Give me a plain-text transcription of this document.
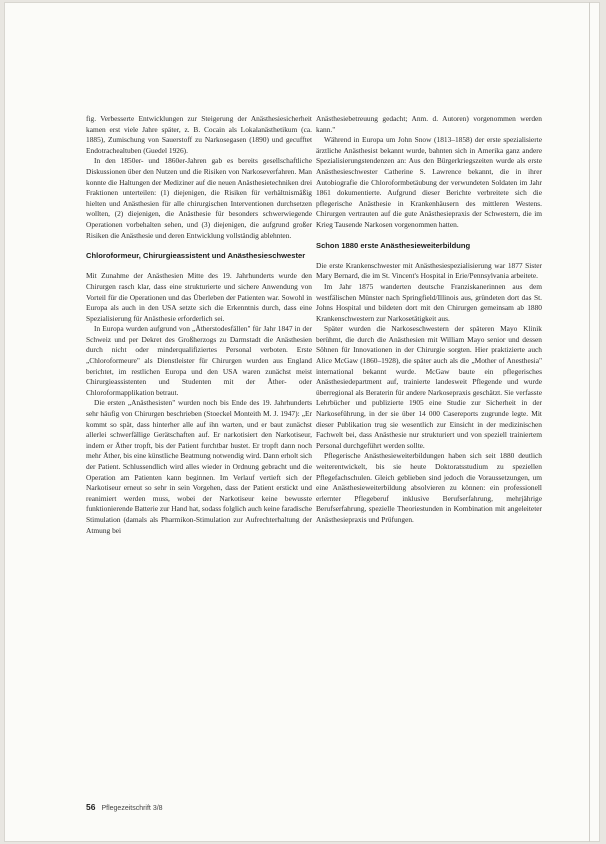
fig. Verbesserte Entwicklungen zur Steigerung der Anästhesiesicherheit kamen erst viele Jahre später, z. B. Cocain als Lokalanästhetikum (ca. 1885), Zumischung von Sauerstoff zu Narkosegasen (1890) und gecufftet Endotrachealtuben (Guedel 1926).

In den 1850er- und 1860er-Jahren gab es bereits gesellschaftliche Diskussionen über den Nutzen und die Risiken von Narkoseverfahren. Man konnte die Haltungen der Mediziner auf die neuen Anästhesietechniken drei Fraktionen unterteilen: (1) diejenigen, die Risiken für verhältnismäßig hielten und Anästhesien für alle chirurgischen Interventionen durchsetzen wollten, (2) diejenigen, die Anästhesie für besonders schwerwiegende Operationen vorbehalten sehen, und (3) diejenigen, die aufgrund großer Risiken die Anästhesie und deren Entwicklung vollständig ablehnten.

Chloroformeur, Chirurgieassistent und Anästhesieschwester

Mit Zunahme der Anästhesien Mitte des 19. Jahrhunderts wurde den Chirurgen rasch klar, dass eine strukturierte und sichere Anwendung von Vorteil für die Operationen und das Überleben der Patienten war. Sowohl in Europa als auch in den USA setzte sich die Erkenntnis durch, dass eine Spezialisierung für Anästhesie erforderlich sei.

In Europa wurden aufgrund von „Ätherstodesfällen" für Jahr 1847 in der Schweiz und per Dekret des Großherzogs zu Darmstadt die Anästhesien durch nicht oder minderqualifiziertes Personal verboten. Erste „Chloroformeure" als Dienstleister für Chirurgen wurden aus England berichtet, im restlichen Europa und den USA waren zunächst meist Chirurgieassistenten und Studenten mit der Äther- oder Chloroformapplikation betraut.

Die ersten „Anästhesisten" wurden noch bis Ende des 19. Jahrhunderts sehr häufig von Chirurgen beschrieben (Stoeckel Monteith M. J. 1947): „Er kommt so spät, dass hinterher alle auf ihn warten, und er baut zunächst allerlei schwerfällige Gerätschaften auf. Er narkotisiert den Narkotiseur, indem er Äther tropft, bis der Patient furchtbar hustet. Er tropft dann noch mehr Äther, bis eine künstliche Beatmung notwendig wird. Dann erholt sich der Patient. Schlussendlich wird alles wieder in Ordnung gebracht und die Operation am Patienten kann beginnen. Im Verlauf vertieft sich der Narkotiseur erneut so sehr in sein Vorgehen, dass der Patient erstickt und reanimiert werden muss, wobei der Narkotiseur keine bewusste funktionierende Batterie zur Hand hat, sodass folglich auch keine faradische Stimulation (damals als Pharmikon-Stimulation zur Aufrechterhaltung der Atmung bei

Anästhesiebetreuung gedacht; Anm. d. Autoren) vorgenommen werden kann."

Während in Europa um John Snow (1813–1858) der erste spezialisierte ärztliche Anästhesist bekannt wurde, bahnten sich in Amerika ganz andere Spezialisierungstendenzen an: Aus den Bürgerkriegszeiten wurde als erste Anästhesieschwester Catherine S. Lawrence bekannt, die in ihrer Autobiografie die Chloroformbetäubung der verwundeten Soldaten im Jahr 1861 dokumentierte. Aufgrund dieser Berichte verbreitete sich die pflegerische Anästhesie in Krankenhäusern des mittleren Westens. Chirurgen vertrauten auf die gute Anästhesiepraxis der Schwestern, die im Krieg Tausende Narkosen vorgenommen hatten.

Schon 1880 erste Anästhesieweiterbildung

Die erste Krankenschwester mit Anästhesiespezialisierung war 1877 Sister Mary Bernard, die im St. Vincent's Hospital in Erie/Pennsylvania arbeitete.

Im Jahr 1875 wanderten deutsche Franziskanerinnen aus dem westfälischen Münster nach Springfield/Illinois aus, gründeten dort das St. Johns Hospital und bildeten dort mit den Chirurgen gemeinsam ab 1880 Krankenschwestern zur Narkosetätigkeit aus.

Später wurden die Narkoseschwestern der späteren Mayo Klinik berühmt, die durch die Anästhesien mit William Mayo senior und dessen Söhnen für Innovationen in der Chirurgie sorgten. Hier praktizierte auch Alice McGaw (1860–1928), die später auch als die „Mother of Anesthesia" international bekannt wurde. McGaw baute ein pflegerisches Anästhesiedepartment auf, trainierte landesweit Pflegende und wurde überregional als Beraterin für andere Narkosepraxis geschätzt. Sie verfasste Lehrbücher und publizierte 1905 eine Studie zur Sicherheit in der Narkoseführung, in der sie über 14 000 Casereports zugrunde legte. Mit dieser Publikation trug sie wesentlich zur Einsicht in der medizinischen Fachwelt bei, dass Anästhesie nur strukturiert und von speziell trainiertem Personal durchgeführt werden sollte.

Pflegerische Anästhesieweiterbildungen haben sich seit 1880 deutlich weiterentwickelt, bis sie heute Doktoratsstudium zu speziellen Pflegefachschulen. Gleich geblieben sind jedoch die Voraussetzungen, um eine Anästhesieweiterbildung absolvieren zu können: ein professionell erlernter Pflegeberuf inklusive Berufserfahrung, mehrjährige Berufserfahrung, spezielle Theoriestunden in Kombination mit angeleiteter Anästhesiepraxis und Prüfungen.

56 Pflegezeitschrift 3/8
